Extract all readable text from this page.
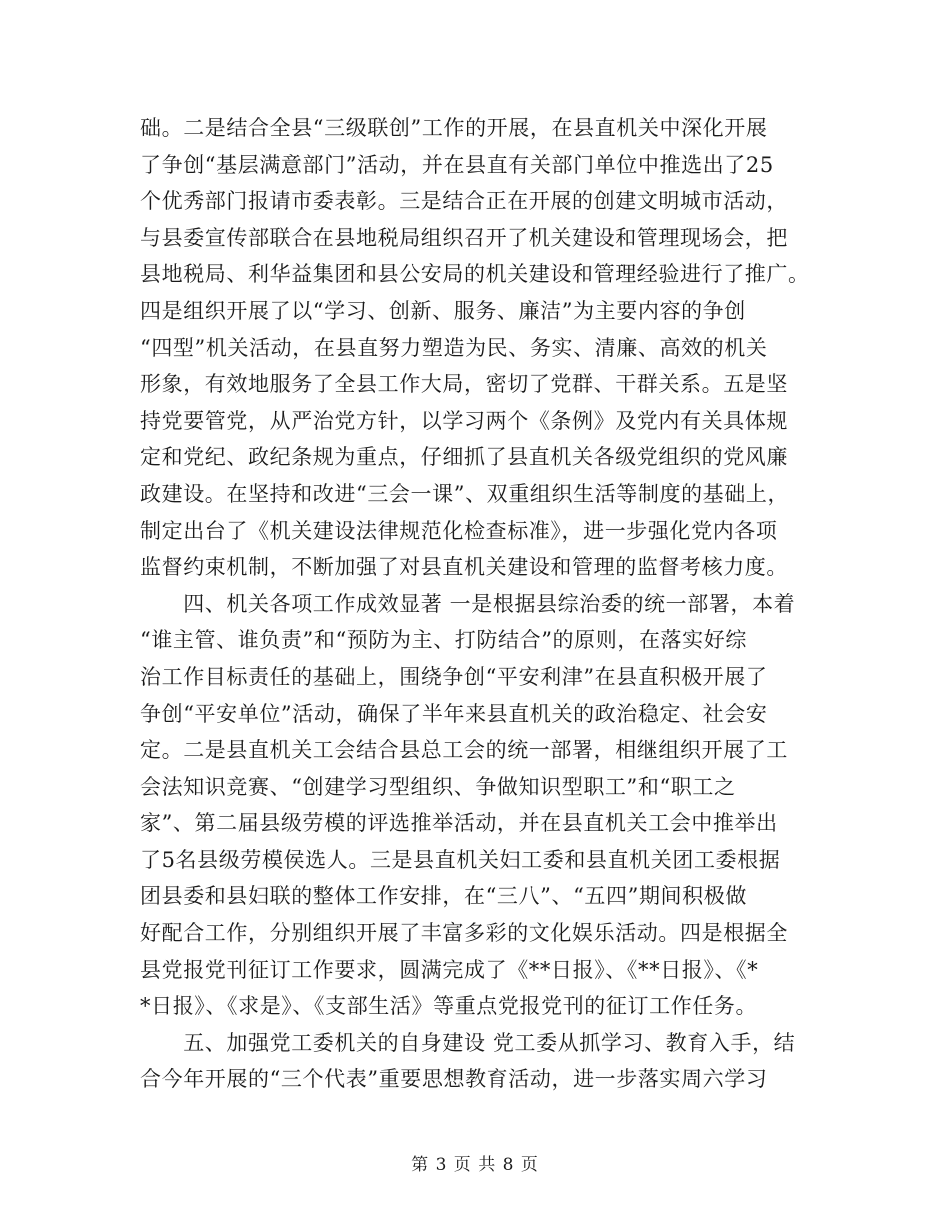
础。二是结合全县“三级联创”工作的开展，在县直机关中深化开展
了争创“基层满意部门”活动，并在县直有关部门单位中推选出了25
个优秀部门报请市委表彰。三是结合正在开展的创建文明城市活动，
与县委宣传部联合在县地税局组织召开了机关建设和管理现场会，把
县地税局、利华益集团和县公安局的机关建设和管理经验进行了推广。
四是组织开展了以“学习、创新、服务、廉洁”为主要内容的争创
“四型”机关活动，在县直努力塑造为民、务实、清廉、高效的机关
形象，有效地服务了全县工作大局，密切了党群、干群关系。五是坚
持党要管党，从严治党方针，以学习两个《条例》及党内有关具体规
定和党纪、政纪条规为重点，仔细抓了县直机关各级党组织的党风廉
政建设。在坚持和改进“三会一课”、双重组织生活等制度的基础上，
制定出台了《机关建设法律规范化检查标准》，进一步强化党内各项
监督约束机制，不断加强了对县直机关建设和管理的监督考核力度。
　　四、机关各项工作成效显著 一是根据县综治委的统一部署，本着
“谁主管、谁负责”和“预防为主、打防结合”的原则，在落实好综
治工作目标责任的基础上，围绕争创“平安利津”在县直积极开展了
争创“平安单位”活动，确保了半年来县直机关的政治稳定、社会安
定。二是县直机关工会结合县总工会的统一部署，相继组织开展了工
会法知识竞赛、“创建学习型组织、争做知识型职工”和“职工之
家”、第二届县级劳模的评选推举活动，并在县直机关工会中推举出
了5名县级劳模侯选人。三是县直机关妇工委和县直机关团工委根据
团县委和县妇联的整体工作安排，在“三八”、“五四”期间积极做
好配合工作，分别组织开展了丰富多彩的文化娱乐活动。四是根据全
县党报党刊征订工作要求，圆满完成了《**日报》、《**日报》、《*
*日报》、《求是》、《支部生活》等重点党报党刊的征订工作任务。
　　五、加强党工委机关的自身建设 党工委从抓学习、教育入手，结
合今年开展的“三个代表”重要思想教育活动，进一步落实周六学习
第 3 页 共 8 页
